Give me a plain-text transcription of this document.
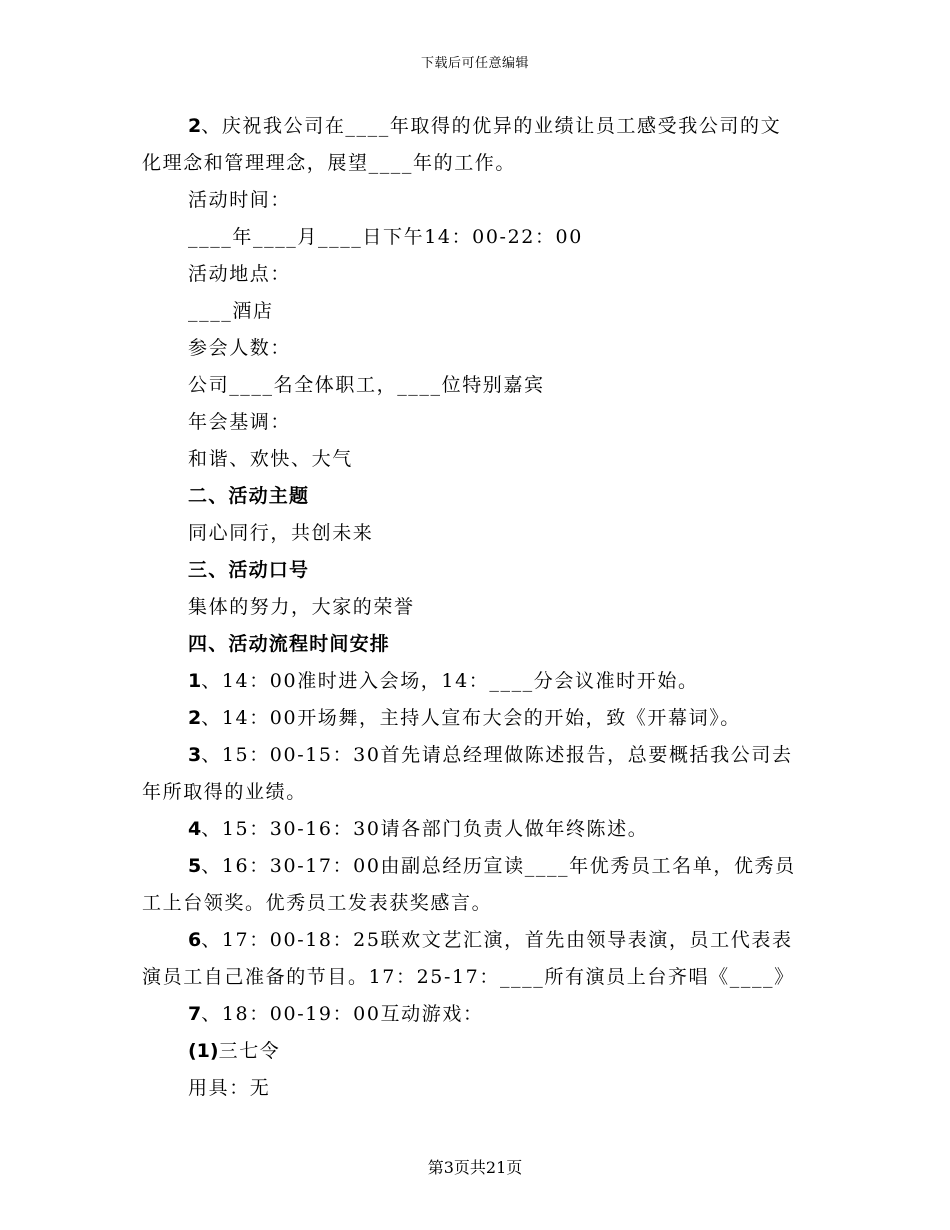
下载后可任意编辑
2、庆祝我公司在____年取得的优异的业绩让员工感受我公司的文
化理念和管理理念，展望____年的工作。
活动时间：
____年____月____日下午14：00-22：00
活动地点：
____酒店
参会人数：
公司____名全体职工，____位特别嘉宾
年会基调：
和谐、欢快、大气
二、活动主题
同心同行，共创未来
三、活动口号
集体的努力，大家的荣誉
四、活动流程时间安排
1、14：00准时进入会场，14：____分会议准时开始。
2、14：00开场舞，主持人宣布大会的开始，致《开幕词》。
3、15：00-15：30首先请总经理做陈述报告，总要概括我公司去
年所取得的业绩。
4、15：30-16：30请各部门负责人做年终陈述。
5、16：30-17：00由副总经历宣读____年优秀员工名单，优秀员
工上台领奖。优秀员工发表获奖感言。
6、17：00-18：25联欢文艺汇演，首先由领导表演，员工代表表
演员工自己准备的节目。17：25-17：____所有演员上台齐唱《____》
7、18：00-19：00互动游戏：
(1)三七令
用具：无
第3页共21页
